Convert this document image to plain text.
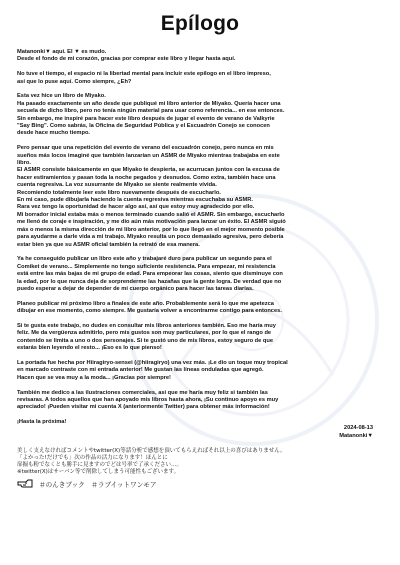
Epílogo
Matanonki▼ aquí. El ▼ es mudo.
Desde el fondo de mi corazón, gracias por comprar este libro y llegar hasta aquí.
No tuve el tiempo, el espacio ni la libertad mental para incluir este epílogo en el libro impreso,
así que lo puse aquí. Como siempre, ¿Eh?
Esta vez hice un libro de Miyako.
Ha pasado exactamente un año desde que publiqué mi libro anterior de Miyako. Quería hacer una
secuela de dicho libro, pero no tenía ningún material para usar como referencia... en ese entonces.
Sin embargo, me inspiré para hacer este libro después de jugar el evento de verano de Valkyrie
"Say Bing". Como sabrás, la Oficina de Seguridad Pública y el Escuadrón Conejo se conocen
desde hace mucho tiempo.
Pero pensar que una repetición del evento de verano del escuadrón conejo, pero nunca en mis
sueños más locos imaginé que también lanzarían un ASMR de Miyako mientras trabajaba en este
libro.
El ASMR consiste básicamente en que Miyako te despierta, se acurrucan juntos con la excusa de
hacer estiramientos y pasan toda la noche pegados y desnudos. Como extra, también hace una
cuenta regresiva. La voz susurrante de Miyako se siente realmente vívida.
Recomiendo totalmente leer este libro nuevamente después de escucharlo.
En mi caso, pude dibujarla haciendo la cuenta regresiva mientras escuchaba su ASMR.
Rara vez tengo la oportunidad de hacer algo así, así que estoy muy agradecido por ello.
Mi borrador inicial estaba más o menos terminado cuando salió el ASMR. Sin embargo, escucharlo
me llenó de coraje e inspiración, y me dio aún más motivación para lanzar un éxito. El ASMR siguió
más o menos la misma dirección de mi libro anterior, por lo que llegó en el mejor momento posible
para ayudarme a darle vida a mi trabajo. Miyako resulta un poco demasiado agresiva, pero debería
estar bien ya que su ASMR oficial también la retrató de esa manera.
Ya he conseguido publicar un libro este año y trabajaré duro para publicar un segundo para el
Comiket de verano... Simplemente no tengo suficiente resistencia. Para empezar, mi resistencia
está entre las más bajas de mi grupo de edad. Para empeorar las cosas, siento que disminuye con
la edad, por lo que nunca deja de sorprenderme las hazañas que la gente logra. De verdad que no
puedo esperar a dejar de depender de mi cuerpo orgánico para hacer las tareas diarias.
Planeo publicar mi próximo libro a finales de este año. Probablemente será lo que me apetezca
dibujar en ese momento, como siempre. Me gustaría volver a encontrarme contigo para entonces.
Si te gusta este trabajo, no dudes en consultar mis libros anteriores también. Eso me haría muy
feliz. Me da vergüenza admitirlo, pero mis gustos son muy particulares, por lo que el rango de
contenido se limita a uno o dos personajes. Si te gustó uno de mis libros, estoy seguro de que
estarás bien leyendo el resto... ¡Eso es lo que pienso!
La portada fue hecha por Hiiragiryo-sensei (@hiiragiryo) una vez más. ¡Le dio un toque muy tropical
en marcado contraste con mi entrada anterior! Me gustan las líneas onduladas que agregó.
Hacen que se vea muy a la moda... ¡Gracias por siempre!
También me dedico a las ilustraciones comerciales, así que me haría muy feliz si también las
revisaras. A todos aquellos que han apoyado mis libros hasta ahora, ¡Su continuo apoyo es muy
apreciado! ¡Pueden visitar mi cuenta X (anteriormente Twitter) para obtener más información!
¡Hasta la próxima!
2024-08-13
Matanonki▼
美しく支えなければコメントやtwitter(X)等話分析で感想を頂いてもらえればそれ以上の喜びはありません。
「よかった!だけでも」次の作品の活力になります！ほんとに
扉掘も粉でなくとも勝手に見ますのでどは号率で了承ください…。
※twitter(X)はサーバン等で削除してしまう可能性もございます。
＃のんきブック　＃ラブイットワンモア
